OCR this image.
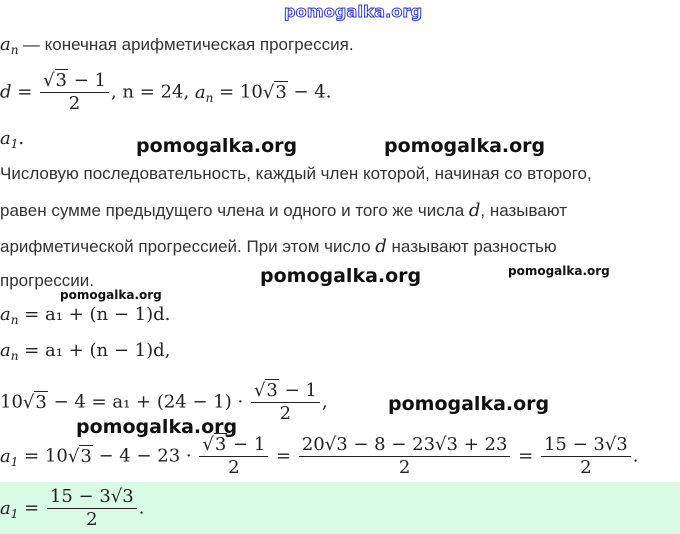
pomogalka.org
$a_n$ — конечная арифметическая прогрессия.
$d = \frac{√3 - 1}{2}$ , n = 24, $a_n = 10√3 - 4$.
$a_1$.	pomogalka.org	pomogalka.org
Числовую последовательность, каждый член которой, начиная со второго,
равен сумме предыдущего члена и одного и того же числа d, называют
арифметической прогрессией. При этом число d называют разностью
прогрессии.	pomogalka.org	pomogalka.org
pomogalka.org
$a_n = a_1 + (n - 1)d$.
$a_n = a_1 + (n - 1)d$,
$10√3 - 4 = a_1 + (24 - 1) \cdot \frac{√3 - 1}{2}$ ,	pomogalka.org
pomogalka.org
$a_1 = 10√3 - 4 - 23 \cdot \frac{√3 - 1}{2} = \frac{20√3 - 8 - 23√3 + 23}{2} = \frac{15 - 3√3}{2}$ .
$a_1 = \frac{15 - 3√3}{2}$ .
